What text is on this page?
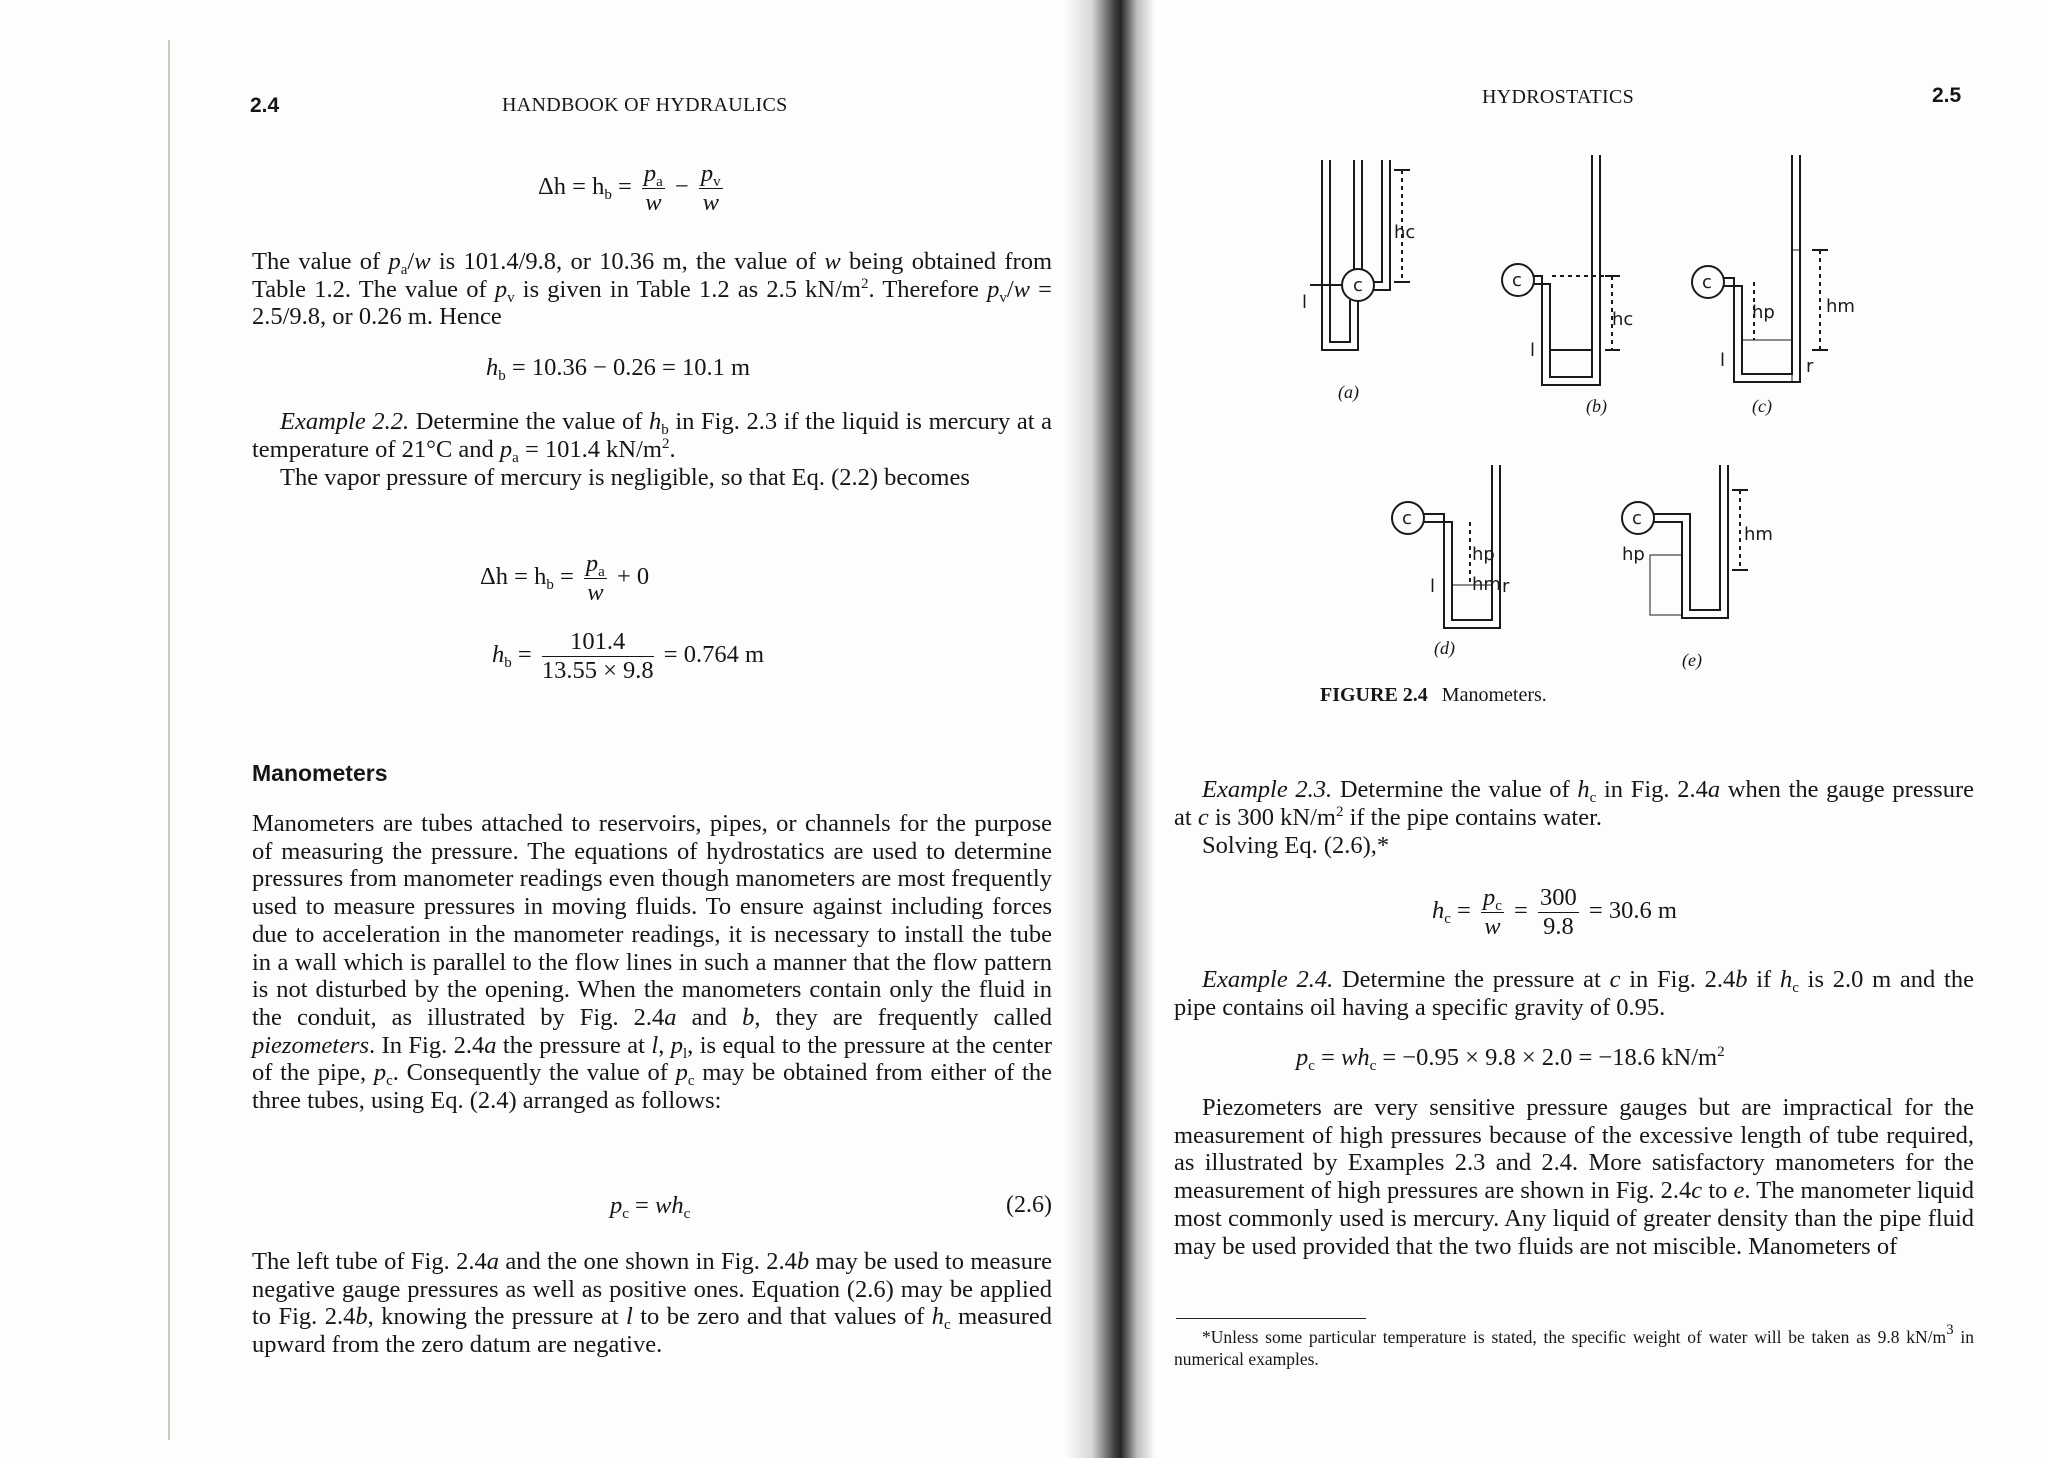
2.4	HANDBOOK OF HYDRAULICS
$\Delta h = h_b = \frac{p_a}{w} - \frac{p_v}{w}$
The value of $p_a/w$ is 101.4/9.8, or 10.36 m, the value of w being obtained from Table 1.2. The value of $p_v$ is given in Table 1.2 as 2.5 $kN/m^2$. Therefore $p_v/w = 2.5/9.8$, or 0.26 m. Hence
$h_b = 10.36 - 0.26 = 10.1$ m
Example 2.2. Determine the value of $h_b$ in Fig. 2.3 if the liquid is mercury at a temperature of 21°C and $p_a = 101.4$ $kN/m^2$.
The vapor pressure of mercury is negligible, so that Eq. (2.2) becomes
$\Delta h = h_b = \frac{p_a}{w} + 0$
$h_b = \frac{101.4}{13.55 \times 9.8} = 0.764$ m
Manometers
Manometers are tubes attached to reservoirs, pipes, or channels for the purpose of measuring the pressure. The equations of hydrostatics are used to determine pressures from manometer readings even though manometers are most frequently used to measure pressures in moving fluids. To ensure against including forces due to acceleration in the manometer readings, it is necessary to install the tube in a wall which is parallel to the flow lines in such a manner that the flow pattern is not disturbed by the opening. When the manometers contain only the fluid in the conduit, as illustrated by Fig. 2.4a and b, they are frequently called piezometers. In Fig. 2.4a the pressure at l, $p_l$, is equal to the pressure at the center of the pipe, $p_c$. Consequently the value of $p_c$ may be obtained from either of the three tubes, using Eq. (2.4) arranged as follows:
$p_c = wh_c$	(2.6)
The left tube of Fig. 2.4a and the one shown in Fig. 2.4b may be used to measure negative gauge pressures as well as positive ones. Equation (2.6) may be applied to Fig. 2.4b, knowing the pressure at l to be zero and that values of $h_c$ measured upward from the zero datum are negative.
HYDROSTATICS	2.5
c
l
hc
(a)
c
l
hc
(b)
c
hp	hm
l	r
(c)
c
hp
hm
l	r
(d)
c
hp
hm
(e)
FIGURE 2.4 Manometers.
Example 2.3. Determine the value of $h_c$ in Fig. 2.4a when the gauge pressure at c is 300 $kN/m^2$ if the pipe contains water.
Solving Eq. (2.6),*
$h_c = \frac{p_c}{w} = \frac{300}{9.8} = 30.6$ m
Example 2.4. Determine the pressure at c in Fig. 2.4b if $h_c$ is 2.0 m and the pipe contains oil having a specific gravity of 0.95.
$p_c = wh_c = -0.95 \times 9.8 \times 2.0 = -18.6$ $kN/m^2$
Piezometers are very sensitive pressure gauges but are impractical for the measurement of high pressures because of the excessive length of tube required, as illustrated by Examples 2.3 and 2.4. More satisfactory manometers for the measurement of high pressures are shown in Fig. 2.4c to e. The manometer liquid most commonly used is mercury. Any liquid of greater density than the pipe fluid may be used provided that the two fluids are not miscible. Manometers of
*Unless some particular temperature is stated, the specific weight of water will be taken as 9.8 $kN/m^3$ in numerical examples.
